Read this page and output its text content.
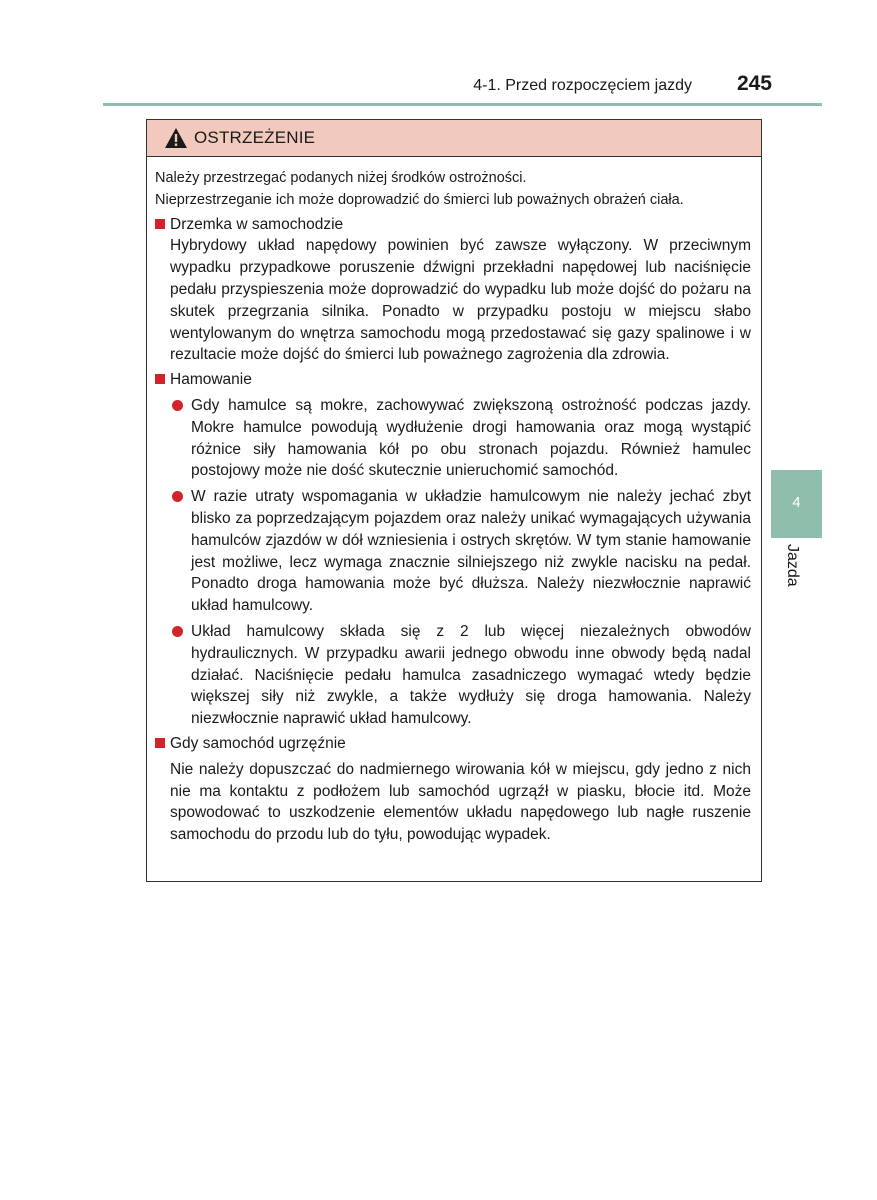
4-1. Przed rozpoczęciem jazdy 245
4
Jazda
OSTRZEŻENIE

Należy przestrzegać podanych niżej środków ostrożności.

Nieprzestrzeganie ich może doprowadzić do śmierci lub poważnych obrażeń ciała.

Drzemka w samochodzie

Hybrydowy układ napędowy powinien być zawsze wyłączony. W przeciwnym wypadku przypadkowe poruszenie dźwigni przekładni napędowej lub naciśnięcie pedału przyspieszenia może doprowadzić do wypadku lub może dojść do pożaru na skutek przegrzania silnika. Ponadto w przypadku postoju w miejscu słabo wentylowanym do wnętrza samochodu mogą przedostawać się gazy spalinowe i w rezultacie może dojść do śmierci lub poważnego zagrożenia dla zdrowia.

Hamowanie
Gdy hamulce są mokre, zachowywać zwiększoną ostrożność podczas jazdy. Mokre hamulce powodują wydłużenie drogi hamowania oraz mogą wystąpić różnice siły hamowania kół po obu stronach pojazdu. Również hamulec postojowy może nie dość skutecznie unieruchomić samochód.
W razie utraty wspomagania w układzie hamulcowym nie należy jechać zbyt blisko za poprzedzającym pojazdem oraz należy unikać wymagających używania hamulców zjazdów w dół wzniesienia i ostrych skrętów. W tym stanie hamowanie jest możliwe, lecz wymaga znacznie silniejszego niż zwykle nacisku na pedał. Ponadto droga hamowania może być dłuższa. Należy niezwłocznie naprawić układ hamulcowy.
Układ hamulcowy składa się z 2 lub więcej niezależnych obwodów hydraulicznych. W przypadku awarii jednego obwodu inne obwody będą nadal działać. Naciśnięcie pedału hamulca zasadniczego wymagać wtedy będzie większej siły niż zwykle, a także wydłuży się droga hamowania. Należy niezwłocznie naprawić układ hamulcowy.
Gdy samochód ugrzęźnie

Nie należy dopuszczać do nadmiernego wirowania kół w miejscu, gdy jedno z nich nie ma kontaktu z podłożem lub samochód ugrząźł w piasku, błocie itd. Może spowodować to uszkodzenie elementów układu napędowego lub nagłe ruszenie samochodu do przodu lub do tyłu, powodując wypadek.
